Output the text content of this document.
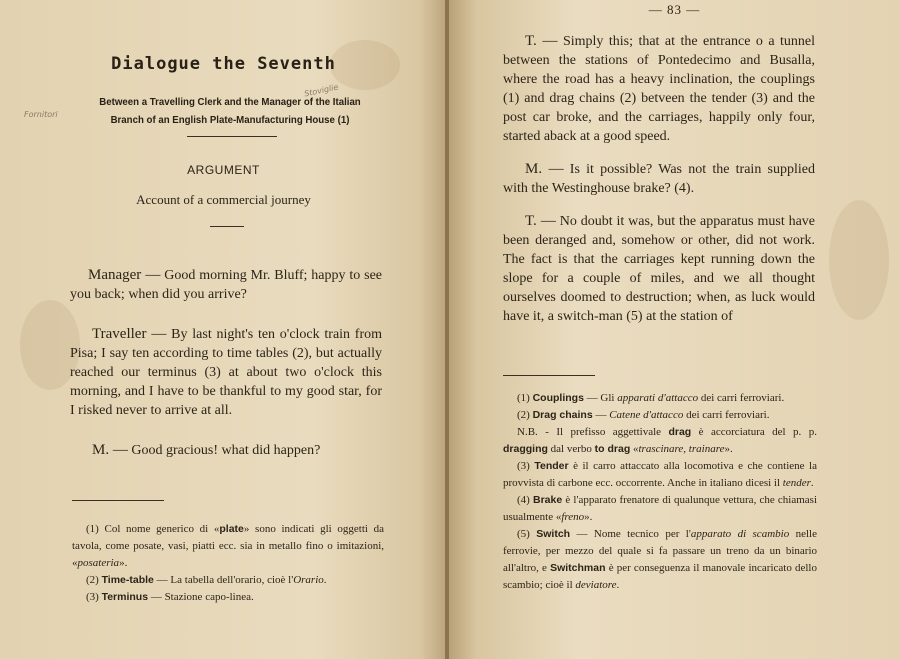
Dialogue the Seventh
Between a Travelling Clerk and the Manager of the Italian
Branch of an English Plate-Manufacturing House (1)
Fornitori
Stoviglie
ARGUMENT
Account of a commercial journey

Manager — Good morning Mr. Bluff; happy to see you back; when did you arrive?

Traveller — By last night's ten o'clock train from Pisa; I say ten according to time tables (2), but actually reached our terminus (3) at about two o'clock this morning, and I have to be thankful to my good star, for I risked never to arrive at all.

M. — Good gracious! what did happen?

(1) Col nome generico di «plate» sono indicati gli oggetti da tavola, come posate, vasi, piatti ecc. sia in metallo fino o imitazioni, «posateria».

(2) Time-table — La tabella dell'orario, cioè l'Orario.

(3) Terminus — Stazione capo-linea.

— 83 —

T. — Simply this; that at the entrance o a tunnel between the stations of Pontedecimo and Busalla, where the road has a heavy inclination, the couplings (1) and drag chains (2) betveen the tender (3) and the post car broke, and the carriages, happily only four, started aback at a good speed.

M. — Is it possible? Was not the train supplied with the Westinghouse brake? (4).

T. — No doubt it was, but the apparatus must have been deranged and, somehow or other, did not work. The fact is that the carriages kept running down the slope for a couple of miles, and we all thought ourselves doomed to destruction; when, as luck would have it, a switch-man (5) at the station of

(1) Couplings — Gli apparati d'attacco dei carri ferroviari.

(2) Drag chains — Catene d'attacco dei carri ferroviari.

N.B. - Il prefisso aggettivale drag è accorciatura del p. p. dragging dal verbo to drag «trascinare, trainare».

(3) Tender è il carro attaccato alla locomotiva e che contiene la provvista di carbone ecc. occorrente. Anche in italiano dicesi il tender.

(4) Brake è l'apparato frenatore di qualunque vettura, che chiamasi usualmente «freno».

(5) Switch — Nome tecnico per l'apparato di scambio nelle ferrovie, per mezzo del quale si fa passare un treno da un binario all'altro, e Switchman è per conseguenza il manovale incaricato dello scambio; cioè il deviatore.
